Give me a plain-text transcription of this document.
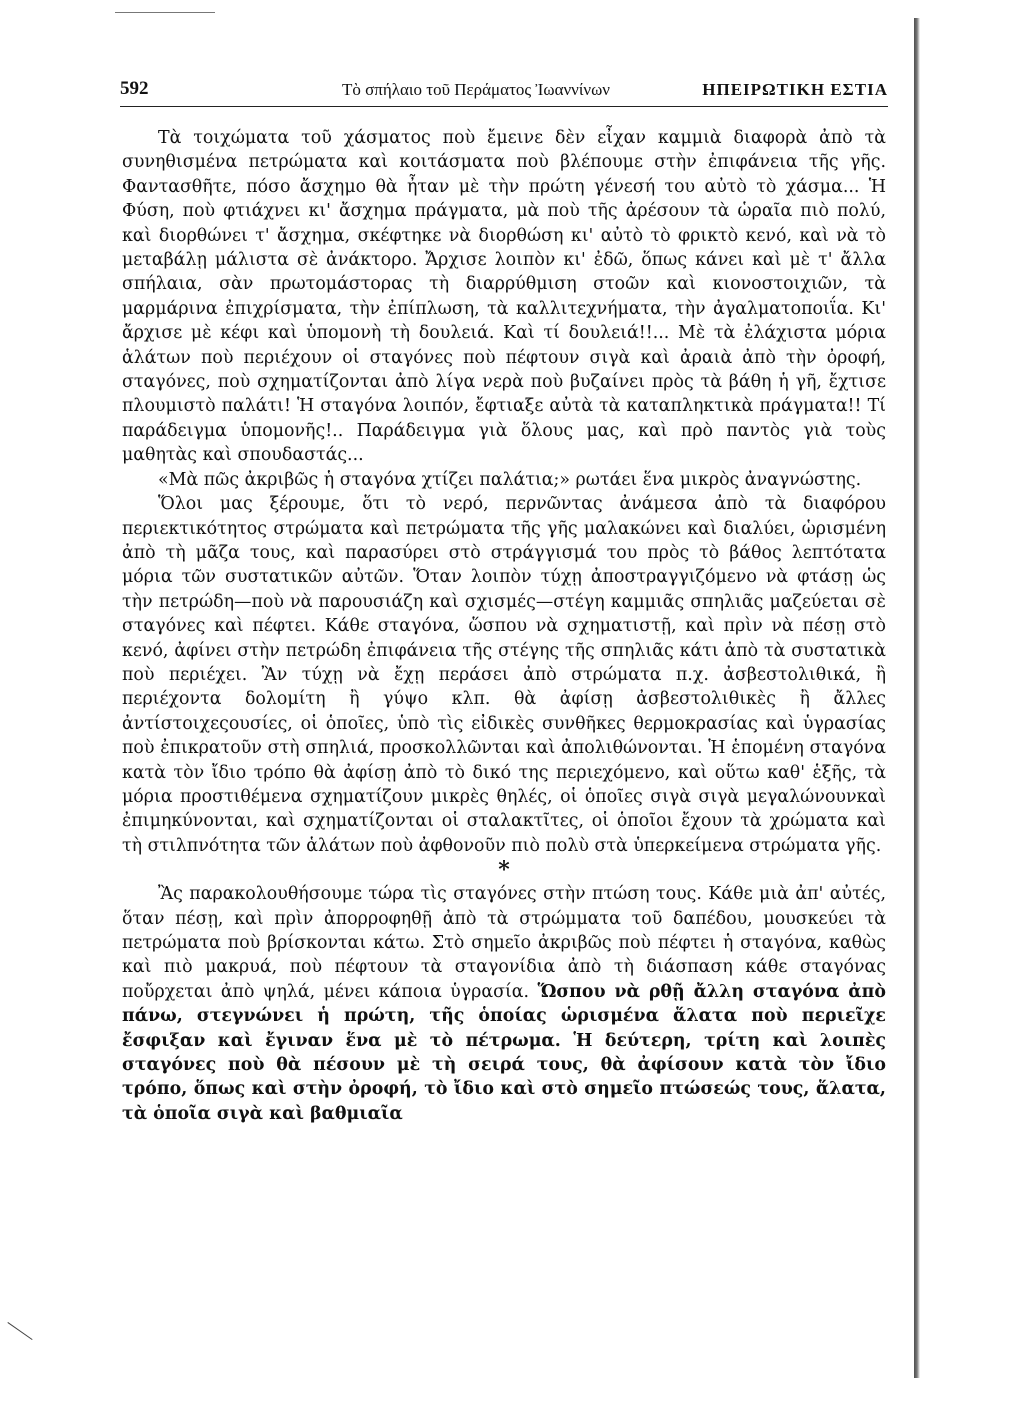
592	Τὸ σπήλαιο τοῦ Περάματος Ἰωαννίνων	ΗΠΕΙΡΩΤΙΚΗ ΕΣΤΙΑ

Τὰ τοιχώματα τοῦ χάσματος ποὺ ἔμεινε δὲν εἶχαν καμμιὰ διαφορὰ ἀπὸ τὰ συνηθισμένα πετρώματα καὶ κοιτάσματα ποὺ βλέπουμε στὴν ἐπιφάνεια τῆς γῆς. Φαντασθῆτε, πόσο ἄσχημο θὰ ἦταν μὲ τὴν πρώτη γένεσή του αὐτὸ τὸ χάσμα... Ἡ Φύση, ποὺ φτιάχνει κι' ἄσχημα πράγματα, μὰ ποὺ τῆς ἀρέσουν τὰ ὡραῖα πιὸ πολύ, καὶ διορθώνει τ' ἄσχημα, σκέφτηκε νὰ διορθώση κι' αὐτὸ τὸ φρικτὸ κενό, καὶ νὰ τὸ μεταβάλῃ μάλιστα σὲ ἀνάκτορο. Ἄρχισε λοιπὸν κι' ἐδῶ, ὅπως κάνει καὶ μὲ τ' ἄλλα σπήλαια, σὰν πρωτομάστορας τὴ διαρρύθμιση στοῶν καὶ κιονοστοιχιῶν, τὰ μαρμάρινα ἐπιχρίσματα, τὴν ἐπίπλωση, τὰ καλλιτεχνήματα, τὴν ἀγαλματοποιΐα. Κι' ἄρχισε μὲ κέφι καὶ ὑπομονὴ τὴ δουλειά. Καὶ τί δουλειά!!... Μὲ τὰ ἐλάχιστα μόρια ἁλάτων ποὺ περιέχουν οἱ σταγόνες ποὺ πέφτουν σιγὰ καὶ ἀραιὰ ἀπὸ τὴν ὀροφή, σταγόνες, ποὺ σχηματίζονται ἀπὸ λίγα νερὰ ποὺ βυζαίνει πρὸς τὰ βάθη ἡ γῆ, ἔχτισε πλουμιστὸ παλάτι! Ἡ σταγόνα λοιπόν, ἔφτιαξε αὐτὰ τὰ καταπληκτικὰ πράγματα!! Τί παράδειγμα ὑπομονῆς!.. Παράδειγμα γιὰ ὅλους μας, καὶ πρὸ παντὸς γιὰ τοὺς μαθητὰς καὶ σπουδαστάς...

«Μὰ πῶς ἀκριβῶς ἡ σταγόνα χτίζει παλάτια;» ρωτάει ἕνα μικρὸς ἀναγνώστης.

Ὅλοι μας ξέρουμε, ὅτι τὸ νερό, περνῶντας ἀνάμεσα ἀπὸ τὰ διαφόρου περιεκτικότητος στρώματα καὶ πετρώματα τῆς γῆς μαλακώνει καὶ διαλύει, ὡρισμένη ἀπὸ τὴ μᾶζα τους, καὶ παρασύρει στὸ στράγγισμά του πρὸς τὸ βάθος λεπτότατα μόρια τῶν συστατικῶν αὐτῶν. Ὅταν λοιπὸν τύχῃ ἀποστραγγιζόμενο νὰ φτάσῃ ὡς τὴν πετρώδη—ποὺ νὰ παρουσιάζη καὶ σχισμές—στέγη καμμιᾶς σπηλιᾶς μαζεύεται σὲ σταγόνες καὶ πέφτει. Κάθε σταγόνα, ὥσπου νὰ σχηματιστῇ, καὶ πρὶν νὰ πέσῃ στὸ κενό, ἀφίνει στὴν πετρώδη ἐπιφάνεια τῆς στέγης τῆς σπηλιᾶς κάτι ἀπὸ τὰ συστατικὰ ποὺ περιέχει. Ἂν τύχῃ νὰ ἔχῃ περάσει ἀπὸ στρώματα π.χ. ἀσβεστολιθικά, ἢ περιέχοντα δολομίτη ἢ γύψο κλπ. θὰ ἀφίσῃ ἀσβεστολιθικὲς ἢ ἄλλες ἀντίστοιχεςουσίες, οἱ ὁποῖες, ὑπὸ τὶς εἰδικὲς συνθῆκες θερμοκρασίας καὶ ὑγρασίας ποὺ ἐπικρατοῦν στὴ σπηλιά, προσκολλῶνται καὶ ἀπολιθώνονται. Ἡ ἑπομένη σταγόνα κατὰ τὸν ἴδιο τρόπο θὰ ἀφίσῃ ἀπὸ τὸ δικό της περιεχόμενο, καὶ οὕτω καθ' ἑξῆς, τὰ μόρια προστιθέμενα σχηματίζουν μικρὲς θηλές, οἱ ὁποῖες σιγὰ σιγὰ μεγαλώνουνκαὶ ἐπιμηκύνονται, καὶ σχηματίζονται οἱ σταλακτῖτες, οἱ ὁποῖοι ἔχουν τὰ χρώματα καὶ τὴ στιλπνότητα τῶν ἁλάτων ποὺ ἀφθονοῦν πιὸ πολὺ στὰ ὑπερκείμενα στρώματα γῆς.

*

Ἂς παρακολουθήσουμε τώρα τὶς σταγόνες στὴν πτώση τους. Κάθε μιὰ ἀπ' αὐτές, ὅταν πέσῃ, καὶ πρὶν ἀπορροφηθῇ ἀπὸ τὰ στρώμματα τοῦ δαπέδου, μουσκεύει τὰ πετρώματα ποὺ βρίσκονται κάτω. Στὸ σημεῖο ἀκριβῶς ποὺ πέφτει ἡ σταγόνα, καθὼς καὶ πιὸ μακρυά, ποὺ πέφτουν τὰ σταγονίδια ἀπὸ τὴ διάσπαση κάθε σταγόνας ποὔρχεται ἀπὸ ψηλά, μένει κάποια ὑγρασία. Ὥσπου νὰ ρθῇ ἄλλη σταγόνα ἀπὸ πάνω, στεγνώνει ἡ πρώτη, τῆς ὁποίας ὡρισμένα ἅλατα ποὺ περιεῖχε ἔσφιξαν καὶ ἔγιναν ἕνα μὲ τὸ πέτρωμα. Ἡ δεύτερη, τρίτη καὶ λοιπὲς σταγόνες ποὺ θὰ πέσουν μὲ τὴ σειρά τους, θὰ ἀφίσουν κατὰ τὸν ἴδιο τρόπο, ὅπως καὶ στὴν ὀροφή, τὸ ἴδιο καὶ στὸ σημεῖο πτώσεώς τους, ἅλατα, τὰ ὁποῖα σιγὰ καὶ βαθμιαῖα
